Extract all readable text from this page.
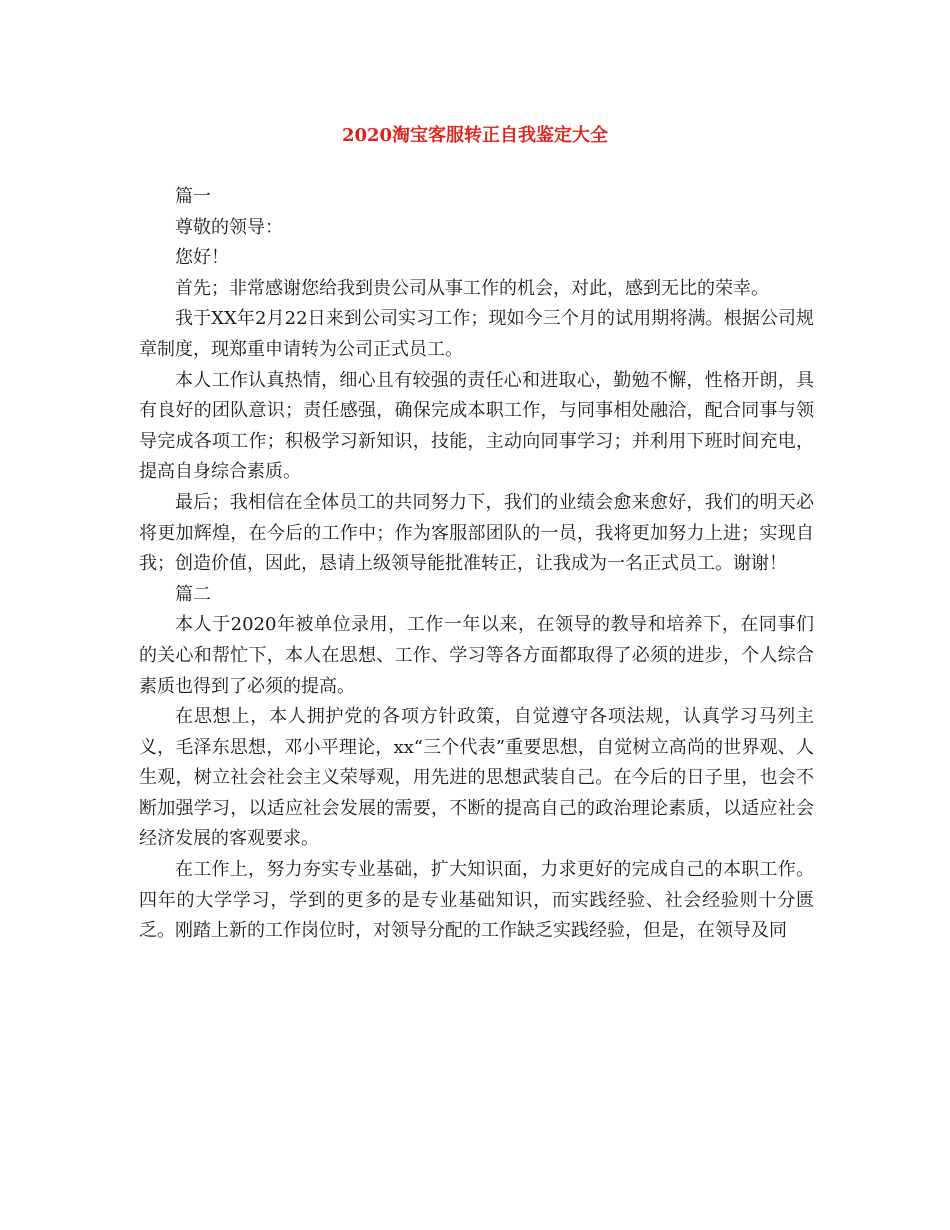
2020淘宝客服转正自我鉴定大全

篇一

尊敬的领导：

您好！

首先；非常感谢您给我到贵公司从事工作的机会，对此，感到无比的荣幸。

我于XX年2月22日来到公司实习工作；现如今三个月的试用期将满。根据公司规章制度，现郑重申请转为公司正式员工。

本人工作认真热情，细心且有较强的责任心和进取心，勤勉不懈，性格开朗，具有良好的团队意识；责任感强，确保完成本职工作，与同事相处融洽，配合同事与领导完成各项工作；积极学习新知识，技能，主动向同事学习；并利用下班时间充电，提高自身综合素质。

最后；我相信在全体员工的共同努力下，我们的业绩会愈来愈好，我们的明天必将更加辉煌，在今后的工作中；作为客服部团队的一员，我将更加努力上进；实现自我；创造价值，因此，恳请上级领导能批准转正，让我成为一名正式员工。谢谢！

篇二

本人于2020年被单位录用，工作一年以来，在领导的教导和培养下，在同事们的关心和帮忙下，本人在思想、工作、学习等各方面都取得了必须的进步，个人综合素质也得到了必须的提高。

在思想上，本人拥护党的各项方针政策，自觉遵守各项法规，认真学习马列主义，毛泽东思想，邓小平理论，xx“三个代表”重要思想，自觉树立高尚的世界观、人生观，树立社会社会主义荣辱观，用先进的思想武装自己。在今后的日子里，也会不断加强学习，以适应社会发展的需要，不断的提高自己的政治理论素质，以适应社会经济发展的客观要求。

在工作上，努力夯实专业基础，扩大知识面，力求更好的完成自己的本职工作。四年的大学学习，学到的更多的是专业基础知识，而实践经验、社会经验则十分匮乏。刚踏上新的工作岗位时，对领导分配的工作缺乏实践经验，但是，在领导及同
